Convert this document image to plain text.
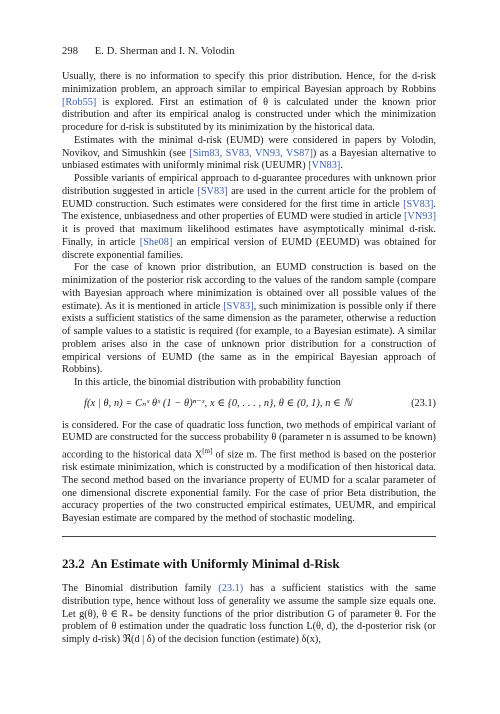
298 E. D. Sherman and I. N. Volodin

Usually, there is no information to specify this prior distribution. Hence, for the d-risk minimization problem, an approach similar to empirical Bayesian approach by Robbins [Rob55] is explored. First an estimation of θ is calculated under the known prior distribution and after its empirical analog is constructed under which the minimization procedure for d-risk is substituted by its minimization by the historical data.

Estimates with the minimal d-risk (EUMD) were considered in papers by Volodin, Novikov, and Simushkin (see [Sim83, SV83, VN93, VS87]) as a Bayesian alternative to unbiased estimates with uniformly minimal risk (UEUMR) [VN83].

Possible variants of empirical approach to d-guarantee procedures with unknown prior distribution suggested in article [SV83] are used in the current article for the problem of EUMD construction. Such estimates were considered for the first time in article [SV83]. The existence, unbiasedness and other properties of EUMD were studied in article [VN93] it is proved that maximum likelihood estimates have asymptotically minimal d-risk. Finally, in article [She08] an empirical version of EUMD (EEUMD) was obtained for discrete exponential families.

For the case of known prior distribution, an EUMD construction is based on the minimization of the posterior risk according to the values of the random sample (compare with Bayesian approach where minimization is obtained over all possible values of the estimate). As it is mentioned in article [SV83], such minimization is possible only if there exists a sufficient statistics of the same dimension as the parameter, otherwise a reduction of sample values to a statistic is required (for example, to a Bayesian estimate). A similar problem arises also in the case of unknown prior distribution for a construction of empirical versions of EUMD (the same as in the empirical Bayesian approach of Robbins).

In this article, the binomial distribution with probability function

f(x | θ, n) = Cₙˣ θˣ (1 − θ)ⁿ⁻ˣ, x ∈ {0, . . . , n}, θ ∈ (0, 1), n ∈ ℕ	(23.1)

is considered. For the case of quadratic loss function, two methods of empirical variant of EUMD are constructed for the success probability θ (parameter n is assumed to be known) according to the historical data X[m] of size m. The first method is based on the posterior risk estimate minimization, which is constructed by a modification of then historical data. The second method based on the invariance property of EUMD for a scalar parameter of one dimensional discrete exponential family. For the case of prior Beta distribution, the accuracy properties of the two constructed empirical estimates, UEUMR, and empirical Bayesian estimate are compared by the method of stochastic modeling.

23.2 An Estimate with Uniformly Minimal d-Risk

The Binomial distribution family (23.1) has a sufficient statistics with the same distribution type, hence without loss of generality we assume the sample size equals one. Let g(θ), θ ∈ R₊ be density functions of the prior distribution G of parameter θ. For the problem of θ estimation under the quadratic loss function L(θ, d), the d-posterior risk (or simply d-risk) ℜ(d | δ) of the decision function (estimate) δ(x),
